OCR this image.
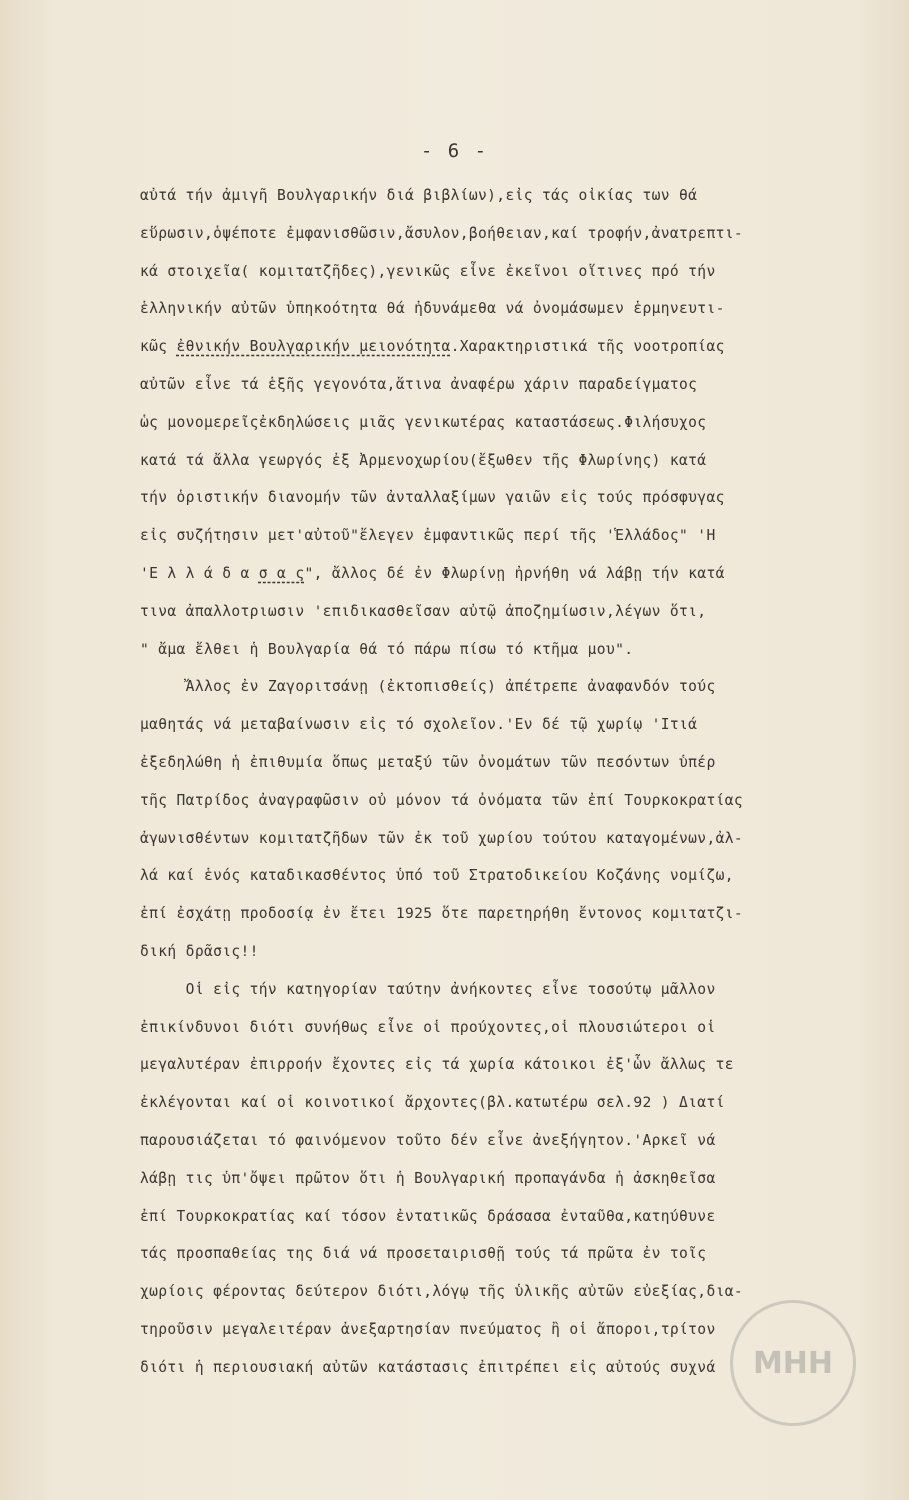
- 6 -
αὐτά τήν ἀμιγῆ Βουλγαρικήν διά βιβλίων),εἰς τάς οἰκίας των θά
εὕρωσιν,ὁψέποτε ἐμφανισθῶσιν,ἄσυλον,βοήθειαν,καί τροφήν,ἀνατρεπτι-
κά στοιχεῖα( κομιτατζῆδες),γενικῶς εἶνε ἐκεῖνοι οἵτινες πρό τήν
ἑλληνικήν αὐτῶν ὑπηκοότητα θά ἠδυνάμεθα νά ὀνομάσωμεν ἑρμηνευτι-
κῶς ἐθνικήν Βουλγαρικήν μειονότητα.Χαρακτηριστικά τῆς νοοτροπίας
αὐτῶν εἶνε τά ἑξῆς γεγονότα,ἅτινα ἀναφέρω χάριν παραδείγματος
ὡς μονομερεῖςἐκδηλώσεις μιᾶς γενικωτέρας καταστάσεως.Φιλήσυχος
κατά τά ἄλλα γεωργός ἐξ Ἀρμενοχωρίου(ἔξωθεν τῆς Φλωρίνης) κατά
τήν ὁριστικήν διανομήν τῶν ἀνταλλαξίμων γαιῶν εἰς τούς πρόσφυγας
εἰς συζήτησιν μετ'αὐτοῦ"ἔλεγεν ἐμφαντικῶς περί τῆς 'Ἑλλάδος" 'Η
'Ε λ λ ά δ α σ α ς", ἄλλος δέ ἐν Φλωρίνῃ ἠρνήθη νά λάβῃ τήν κατά
τινα ἀπαλλοτριωσιν 'επιδικασθεῖσαν αὐτῷ ἀποζημίωσιν,λέγων ὅτι,
" ἄμα ἔλθει ἡ Βουλγαρία θά τό πάρω πίσω τό κτῆμα μου".
Ἄλλος ἐν Ζαγοριτσάνῃ (ἐκτοπισθείς) ἀπέτρεπε ἀναφανδόν τούς
μαθητάς νά μεταβαίνωσιν εἰς τό σχολεῖον.'Εν δέ τῷ χωρίῳ 'Ιτιά
ἐξεδηλώθη ἡ ἐπιθυμία ὅπως μεταξύ τῶν ὀνομάτων τῶν πεσόντων ὑπέρ
τῆς Πατρίδος ἀναγραφῶσιν οὐ μόνον τά ὀνόματα τῶν ἐπί Τουρκοκρατίας
ἀγωνισθέντων κομιτατζῆδων τῶν ἐκ τοῦ χωρίου τούτου καταγομένων,ἀλ-
λά καί ἑνός καταδικασθέντος ὑπό τοῦ Στρατοδικείου Κοζάνης νομίζω,
ἐπί ἐσχάτῃ προδοσίᾳ ἐν ἔτει 1925 ὅτε παρετηρήθη ἔντονος κομιτατζι-
δική δρᾶσις!!
Οἱ εἰς τήν κατηγορίαν ταύτην ἀνήκοντες εἶνε τοσούτῳ μᾶλλον
ἐπικίνδυνοι διότι συνήθως εἶνε οἱ προύχοντες,οἱ πλουσιώτεροι οἱ
μεγαλυτέραν ἐπιρροήν ἔχοντες εἰς τά χωρία κάτοικοι ἐξ'ὧν ἄλλως τε
ἐκλέγονται καί οἱ κοινοτικοί ἄρχοντες(βλ.κατωτέρω σελ.92 ) Διατί
παρουσιάζεται τό φαινόμενον τοῦτο δέν εἶνε ἀνεξήγητον.'Αρκεῖ νά
λάβῃ τις ὑπ'ὄψει πρῶτον ὅτι ἡ Βουλγαρική προπαγάνδα ἡ ἀσκηθεῖσα
ἐπί Τουρκοκρατίας καί τόσον ἐντατικῶς δράσασα ἐνταῦθα,κατηύθυνε
τάς προσπαθείας της διά νά προσεταιρισθῇ τούς τά πρῶτα ἐν τοῖς
χωρίοις φέροντας δεύτερον διότι,λόγῳ τῆς ὑλικῆς αὐτῶν εὐεξίας,δια-
τηροῦσιν μεγαλειτέραν ἀνεξαρτησίαν πνεύματος ἢ οἱ ἄποροι,τρίτον
διότι ἡ περιουσιακή αὐτῶν κατάστασις ἐπιτρέπει εἰς αὐτούς συχνά	ΜΗΗ
